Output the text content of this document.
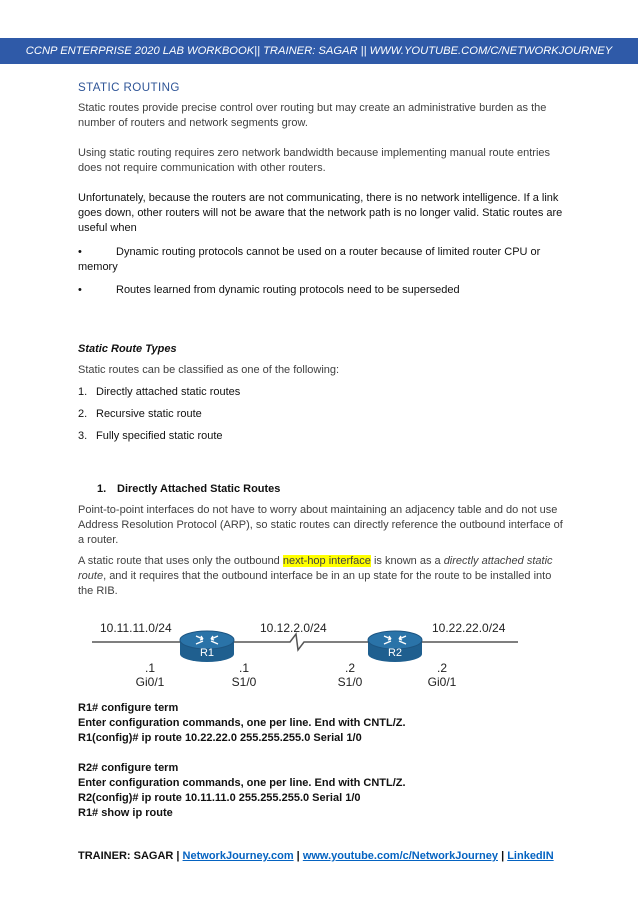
CCNP ENTERPRISE 2020 LAB WORKBOOK|| TRAINER: SAGAR || WWW.YOUTUBE.COM/C/NETWORKJOURNEY
STATIC ROUTING

Static routes provide precise control over routing but may create an administrative burden as the number of routers and network segments grow.

Using static routing requires zero network bandwidth because implementing manual route entries does not require communication with other routers.

Unfortunately, because the routers are not communicating, there is no network intelligence. If a link goes down, other routers will not be aware that the network path is no longer valid. Static routes are useful when

•	Dynamic routing protocols cannot be used on a router because of limited router CPU or memory
•	Routes learned from dynamic routing protocols need to be superseded

Static Route Types

Static routes can be classified as one of the following:

1. Directly attached static routes
2. Recursive static route
3. Fully specified static route
1. Directly Attached Static Routes

Point-to-point interfaces do not have to worry about maintaining an adjacency table and do not use Address Resolution Protocol (ARP), so static routes can directly reference the outbound interface of a router.

A static route that uses only the outbound next-hop interface is known as a directly attached static route, and it requires that the outbound interface be in an up state for the route to be installed into the RIB.

R1	R2
10.11.11.0/24	10.12.2.0/24	10.22.22.0/24
.1
Gi0/1
.1
S1/0
.2
S1/0
.2
Gi0/1
R1# configure term
Enter configuration commands, one per line. End with CNTL/Z.
R1(config)# ip route 10.22.22.0 255.255.255.0 Serial 1/0
R2# configure term
Enter configuration commands, one per line. End with CNTL/Z.
R2(config)# ip route 10.11.11.0 255.255.255.0 Serial 1/0
R1# show ip route
TRAINER: SAGAR | NetworkJourney.com | www.youtube.com/c/NetworkJourney | LinkedIN
